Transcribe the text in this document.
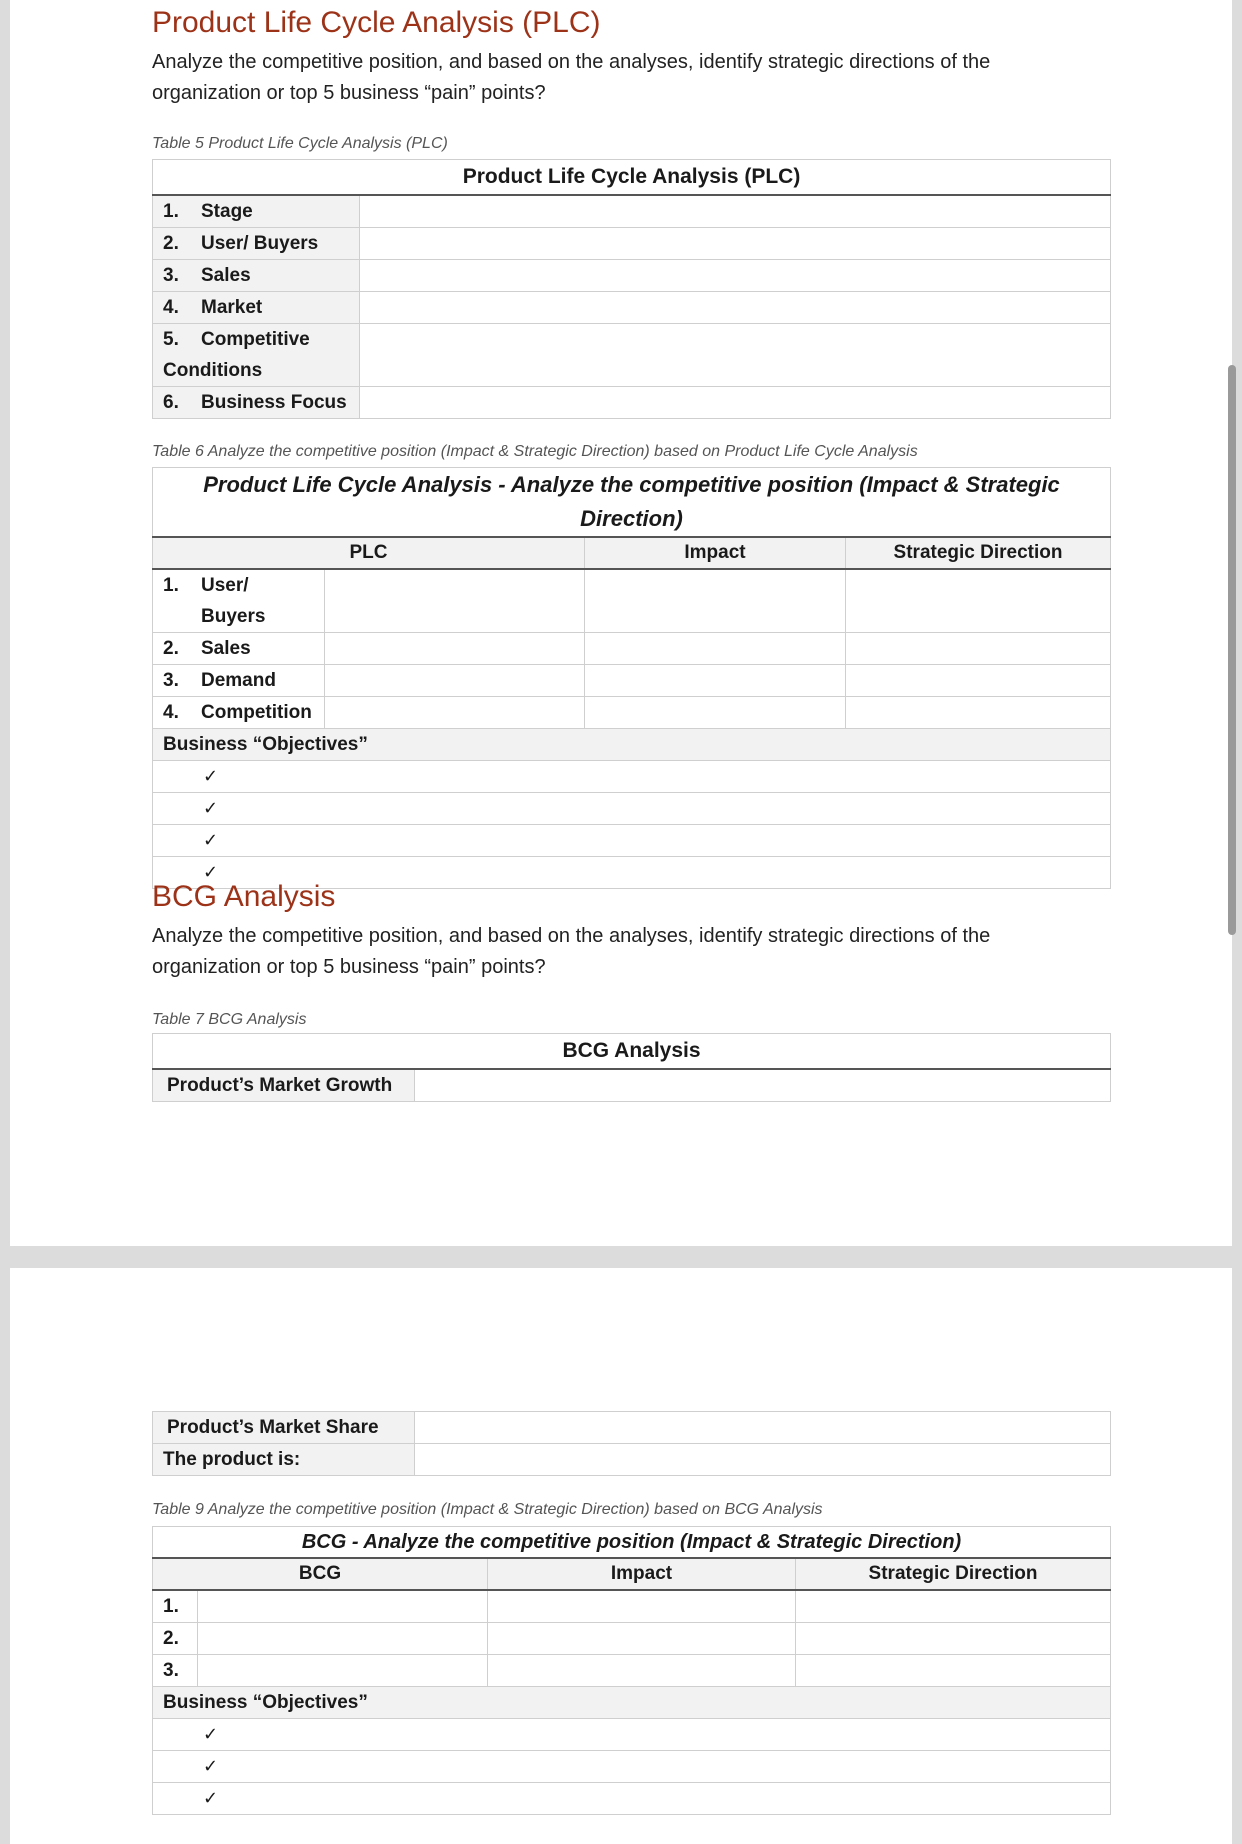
Product Life Cycle Analysis (PLC)
Analyze the competitive position, and based on the analyses, identify strategic directions of the
organization or top 5 business “pain” points?
Table 5 Product Life Cycle Analysis (PLC)
Product Life Cycle Analysis (PLC)	
1. Stage	
2. User/ Buyers	
3. Sales	
4. Market	
5. Competitive
Conditions	
6. Business Focus	
Table 6 Analyze the competitive position (Impact & Strategic Direction) based on Product Life Cycle Analysis
Product Life Cycle Analysis - Analyze the competitive position (Impact & Strategic Direction)			
PLC		Impact	Strategic Direction
1. User/
Buyers			
2. Sales			
3. Demand			
4. Competition			
Business “Objectives”			
✓			
✓			
✓			
✓			
BCG Analysis
Analyze the competitive position, and based on the analyses, identify strategic directions of the
organization or top 5 business “pain” points?
Table 7 BCG Analysis
BCG Analysis
Product’s Market Growth	
Product’s Market Share	
The product is:	
Table 9 Analyze the competitive position (Impact & Strategic Direction) based on BCG Analysis
BCG - Analyze the competitive position (Impact & Strategic Direction)			
BCG		Impact	Strategic Direction
1.			
2.			
3.			
Business “Objectives”			
✓			
✓			
✓			
